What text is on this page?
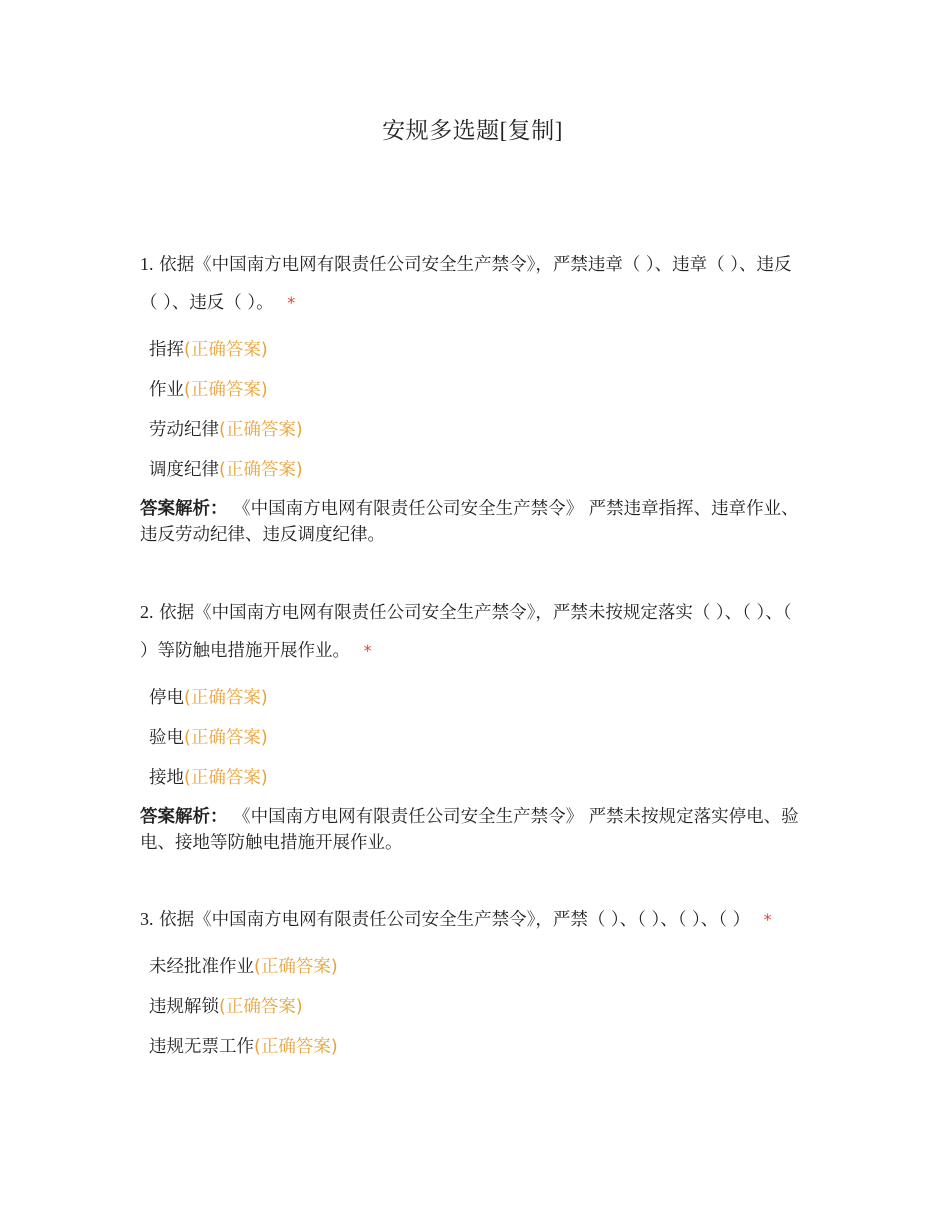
安规多选题[复制]
1. 依据《中国南方电网有限责任公司安全生产禁令》，严禁违章（ ）、违章（ ）、违反（ ）、违反（ ）。 *
指挥(正确答案)
作业(正确答案)
劳动纪律(正确答案)
调度纪律(正确答案)
答案解析： 《中国南方电网有限责任公司安全生产禁令》 严禁违章指挥、违章作业、违反劳动纪律、违反调度纪律。
2. 依据《中国南方电网有限责任公司安全生产禁令》，严禁未按规定落实（ ）、（ ）、（ ）等防触电措施开展作业。 *
停电(正确答案)
验电(正确答案)
接地(正确答案)
答案解析： 《中国南方电网有限责任公司安全生产禁令》 严禁未按规定落实停电、验电、接地等防触电措施开展作业。
3. 依据《中国南方电网有限责任公司安全生产禁令》，严禁（ ）、（ ）、（ ）、（ ） *
未经批准作业(正确答案)
违规解锁(正确答案)
违规无票工作(正确答案)
